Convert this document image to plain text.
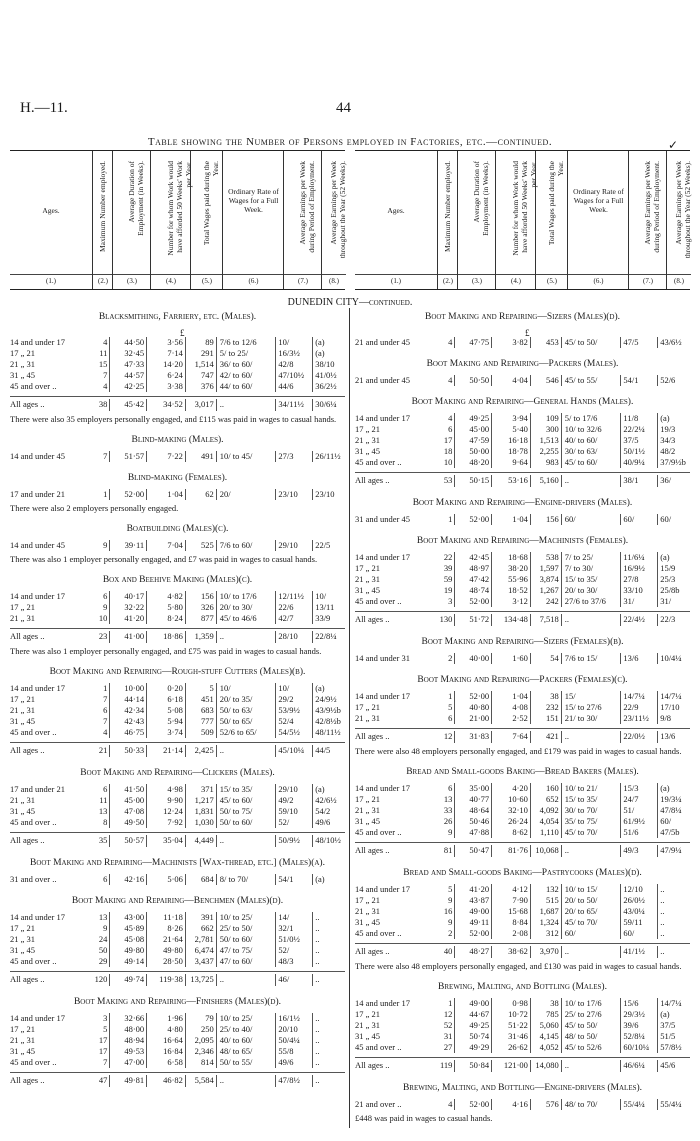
H.—11.	44
Table showing the Number of Persons employed in Factories, etc.—continued.	✓
Ages.
(1.)
Maximum Number employed.
(2.)
Average Duration of Employment (in Weeks).
(3.)
Number for whom Work would have afforded 50 Weeks' Work per Year.
(4.)
Total Wages paid during the Year.
(5.)
Ordinary Rate of Wages for a Full Week.
(6.)
Average Earnings per Week during Period of Employment.
(7.)
Average Earnings per Week throughout the Year (52 Weeks).
(8.)
Ages.
(1.)
Maximum Number employed.
(2.)
Average Duration of Employment (in Weeks).
(3.)
Number for whom Work would have afforded 50 Weeks' Work per Year.
(4.)
Total Wages paid during the Year.
(5.)
Ordinary Rate of Wages for a Full Week.
(6.)
Average Earnings per Week during Period of Employment.
(7.)
Average Earnings per Week throughout the Year (52 Weeks).
(8.)
DUNEDIN CITY—continued.
Blacksmithing, Farriery, etc. (Males).
£
14 and under 17	4	44·50	3·56	89 7/6 to 12/6	10/	(a)
17 „ 21	11	32·45	7·14	291 5/ to 25/	16/3½	(a)
21 „ 31	15	47·33	14·20	1,514 36/ to 60/	42/8	38/10
31 „ 45	7	44·57	6·24	747 42/ to 60/	47/10½	41/0½
45 and over ..	4	42·25	3·38	376 44/ to 60/	44/6	36/2½
All ages ..	38	45·42	34·52	3,017 ..	34/11½	30/6¼
There were also 35 employers personally engaged, and £115 was paid in wages to casual hands.
Blind-making (Males).
14 and under 45	7	51·57	7·22	491 10/ to 45/	27/3	26/11½
Blind-making (Females).
17 and under 21	1	52·00	1·04	62 20/	23/10	23/10
There were also 2 employers personally engaged.
Boatbuilding (Males)(c).
14 and under 45	9	39·11	7·04	525 7/6 to 60/	29/10	22/5
There was also 1 employer personally engaged, and £7 was paid in wages to casual hands.
Box and Beehive Making (Males)(c).
14 and under 17	6	40·17	4·82	156 10/ to 17/6	12/11½	10/
17 „ 21	9	32·22	5·80	326 20/ to 30/	22/6	13/11
21 „ 31	10	41·20	8·24	877 45/ to 46/6	42/7	33/9
All ages ..	23	41·00	18·86	1,359 ..	28/10	22/8¼
There was also 1 employer personally engaged, and £75 was paid in wages to casual hands.
Boot Making and Repairing—Rough-stuff Cutters (Males)(b).
14 and under 17	1	10·00	0·20	5 10/	10/	(a)
17 „ 21	7	44·14	6·18	451 20/ to 35/	29/2	24/9½
21 „ 31	6	42·34	5·08	683 50/ to 63/	53/9½	43/9½b
31 „ 45	7	42·43	5·94	777 50/ to 65/	52/4	42/8½b
45 and over ..	4	46·75	3·74	509 52/6 to 65/	54/5½	48/11½
All ages ..	21	50·33	21·14	2,425 ..	45/10¼	44/5
Boot Making and Repairing—Clickers (Males).
17 and under 21	6	41·50	4·98	371 15/ to 35/	29/10	(a)
21 „ 31	11	45·00	9·90	1,217 45/ to 60/	49/2	42/6½
31 „ 45	13	47·08	12·24	1,831 50/ to 75/	59/10	54/2
45 and over ..	8	49·50	7·92	1,030 50/ to 60/	52/	49/6
All ages ..	35	50·57	35·04	4,449 ..	50/9½	48/10½
Boot Making and Repairing—Machinists [Wax-thread, etc.] (Males)(a).
31 and over ..	6	42·16	5·06	684 8/ to 70/	54/1	(a)
Boot Making and Repairing—Benchmen (Males)(d).
14 and under 17	13	43·00	11·18	391 10/ to 25/	14/	..
17 „ 21	9	45·89	8·26	662 25/ to 50/	32/1	..
21 „ 31	24	45·08	21·64	2,781 50/ to 60/	51/0½	..
31 „ 45	50	49·80	49·80	6,474 47/ to 75/	52/	..
45 and over ..	29	49·14	28·50	3,437 47/ to 60/	48/3	..
All ages ..	120	49·74	119·38 13,725 ..	46/	..
Boot Making and Repairing—Finishers (Males)(d).
14 and under 17	3	32·66	1·96	79 10/ to 25/	16/1½	..
17 „ 21	5	48·00	4·80	250 25/ to 40/	20/10	..
21 „ 31	17	48·94	16·64	2,095 40/ to 60/	50/4¼	..
31 „ 45	17	49·53	16·84	2,346 48/ to 65/	55/8	..
45 and over ..	7	47·00	6·58	814 50/ to 55/	49/6	..
All ages ..	47	49·81	46·82	5,584 ..	47/8½	..
Boot Making and Repairing—Sizers (Males)(d).
£
21 and under 45	4	47·75	3·82	453 45/ to 50/	47/5	43/6½
Boot Making and Repairing—Packers (Males).
21 and under 45	4	50·50	4·04	546 45/ to 55/	54/1	52/6
Boot Making and Repairing—General Hands (Males).
14 and under 17	4	49·25	3·94	109 5/ to 17/6	11/8	(a)
17 „ 21	6	45·00	5·40	300 10/ to 32/6	22/2¼	19/3
21 „ 31	17	47·59	16·18	1,513 40/ to 60/	37/5	34/3
31 „ 45	18	50·00	18·78	2,255 30/ to 63/	50/1½	48/2
45 and over ..	10	48·20	9·64	983 45/ to 60/	40/9¼	37/9½b
All ages ..	53	50·15	53·16	5,160 ..	38/1	36/
Boot Making and Repairing—Engine-drivers (Males).
31 and under 45	1	52·00	1·04	156 60/	60/	60/
Boot Making and Repairing—Machinists (Females).
14 and under 17	22	42·45	18·68	538 7/ to 25/	11/6¼	(a)
17 „ 21	39	48·97	38·20	1,597 7/ to 30/	16/9½	15/9
21 „ 31	59	47·42	55·96	3,874 15/ to 35/	27/8	25/3
31 „ 45	19	48·74	18·52	1,267 20/ to 30/	33/10	25/8b
45 and over ..	3	52·00	3·12	242 27/6 to 37/6	31/	31/
All ages ..	130	51·72	134·48	7,518 ..	22/4½	22/3
Boot Making and Repairing—Sizers (Females)(b).
14 and under 31	2	40·00	1·60	54 7/6 to 15/	13/6	10/4¼
Boot Making and Repairing—Packers (Females)(c).
14 and under 17	1	52·00	1·04	38 15/	14/7¼	14/7¼
17 „ 21	5	40·80	4·08	232 15/ to 27/6	22/9	17/10
21 „ 31	6	21·00	2·52	151 21/ to 30/	23/11½	9/8
All ages ..	12	31·83	7·64	421 ..	22/0½	13/6
There were also 48 employers personally engaged, and £179 was paid in wages to casual hands.
Bread and Small-goods Baking—Bread Bakers (Males).
14 and under 17	6	35·00	4·20	160 10/ to 21/	15/3	(a)
17 „ 21	13	40·77	10·60	652 15/ to 35/	24/7	19/3¼
21 „ 31	33	48·64	32·10	4,092 30/ to 70/	51/	47/8¼
31 „ 45	26	50·46	26·24	4,054 35/ to 75/	61/9½	60/
45 and over ..	9	47·88	8·62	1,110 45/ to 70/	51/6	47/5b
All ages ..	81	50·47	81·76 10,068 ..	49/3	47/9¼
Bread and Small-goods Baking—Pastrycooks (Males)(d).
14 and under 17	5	41·20	4·12	132 10/ to 15/	12/10	..
17 „ 21	9	43·87	7·90	515 20/ to 50/	26/0½	..
21 „ 31	16	49·00	15·68	1,687 20/ to 65/	43/0¼	..
31 „ 45	9	49·11	8·84	1,324 45/ to 70/	59/11	..
45 and over ..	2	52·00	2·08	312 60/	60/	..
All ages ..	40	48·27	38·62	3,970 ..	41/1½	..
There were also 48 employers personally engaged, and £130 was paid in wages to casual hands.
Brewing, Malting, and Bottling (Males).
14 and under 17	1	49·00	0·98	38 10/ to 17/6	15/6	14/7¼
17 „ 21	12	44·67	10·72	785 25/ to 27/6	29/3½	(a)
21 „ 31	52	49·25	51·22	5,060 45/ to 50/	39/6	37/5
31 „ 45	31	50·74	31·46	4,145 48/ to 50/	52/8¼	51/5
45 and over ..	27	49·29	26·62	4,052 45/ to 52/6	60/10¼	57/8½
All ages ..	119	50·84	121·00 14,080 ..	46/6¼	45/6
Brewing, Malting, and Bottling—Engine-drivers (Males).
21 and over ..	4	52·00	4·16	576 48/ to 70/	55/4¼	55/4¼
£448 was paid in wages to casual hands.
